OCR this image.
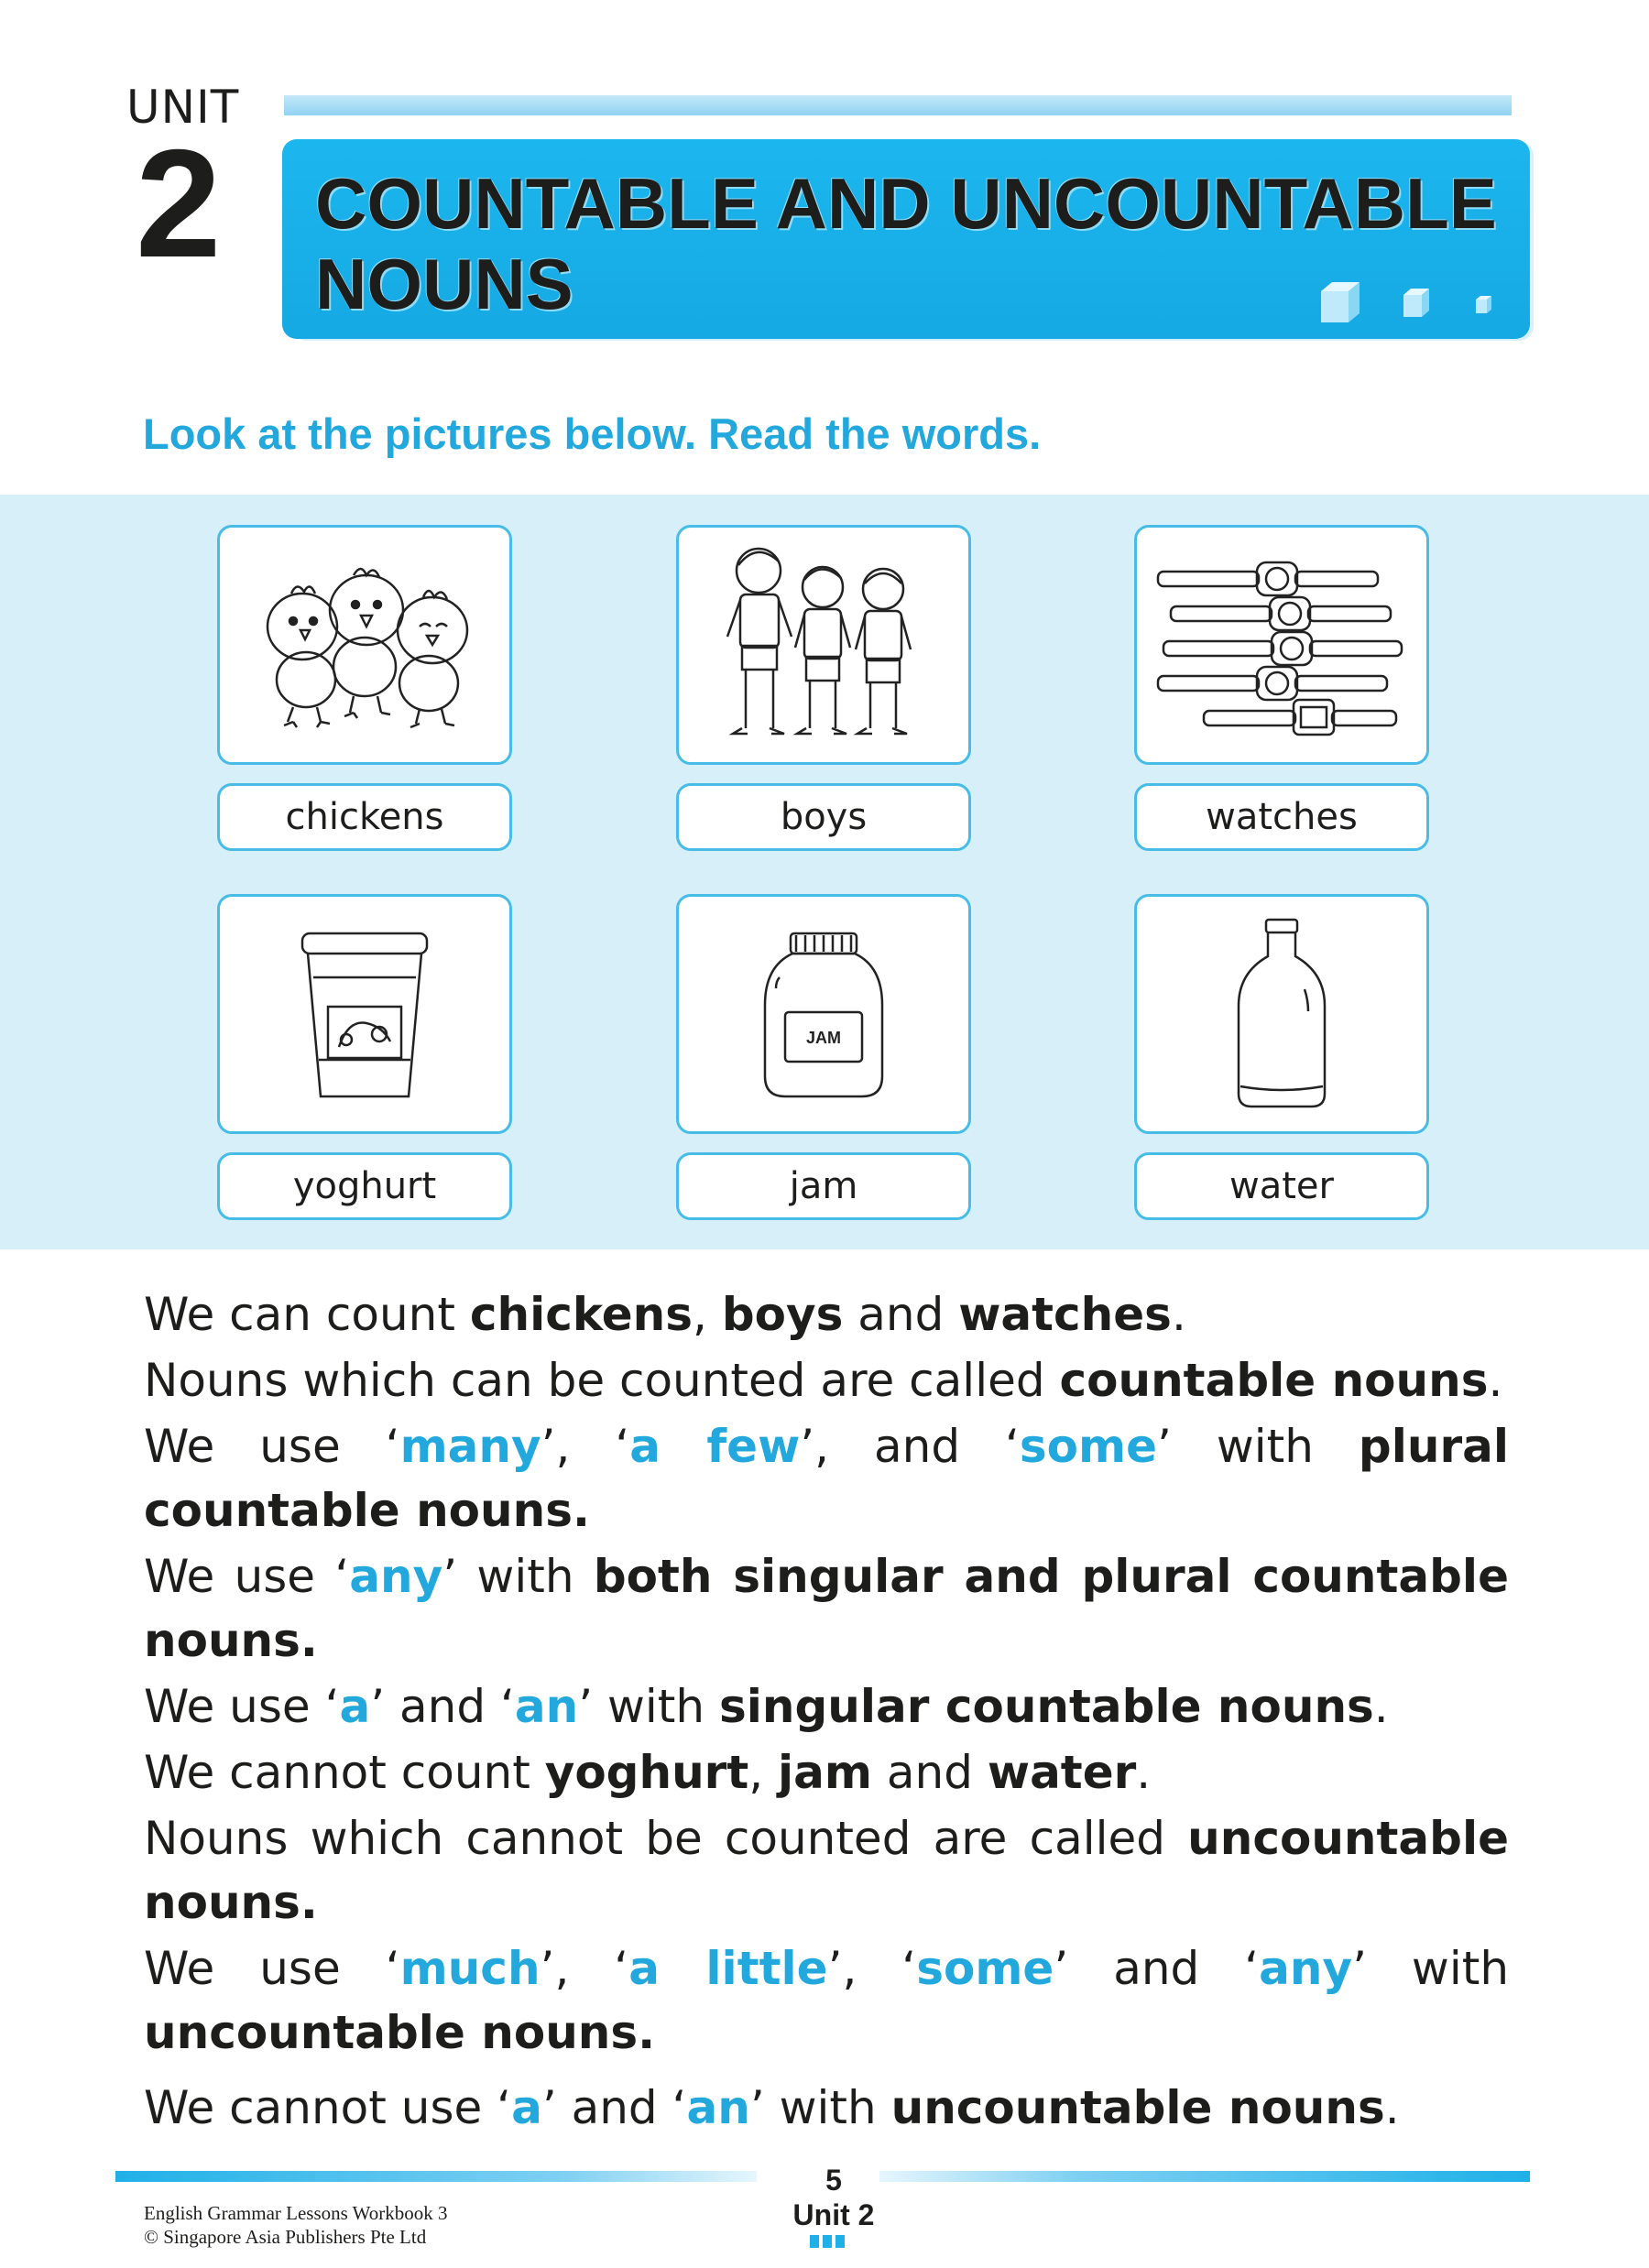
UNIT
2 COUNTABLE AND UNCOUNTABLE
NOUNS
Look at the pictures below. Read the words.
chickens	boys	watches
yoghurt
JAM
jam	water
We can count chickens, boys and watches.
Nouns which can be counted are called countable nouns.
We use ‘many’, ‘a few’, and ‘some’ with plural countable nouns.
We use ‘any’ with both singular and plural countable nouns.
We use ‘a’ and ‘an’ with singular countable nouns.
We cannot count yoghurt, jam and water.
Nouns which cannot be counted are called uncountable nouns.
We use ‘much’, ‘a little’, ‘some’ and ‘any’ with uncountable nouns.
We cannot use ‘a’ and ‘an’ with uncountable nouns.
5
Unit 2
English Grammar Lessons Workbook 3
© Singapore Asia Publishers Pte Ltd
